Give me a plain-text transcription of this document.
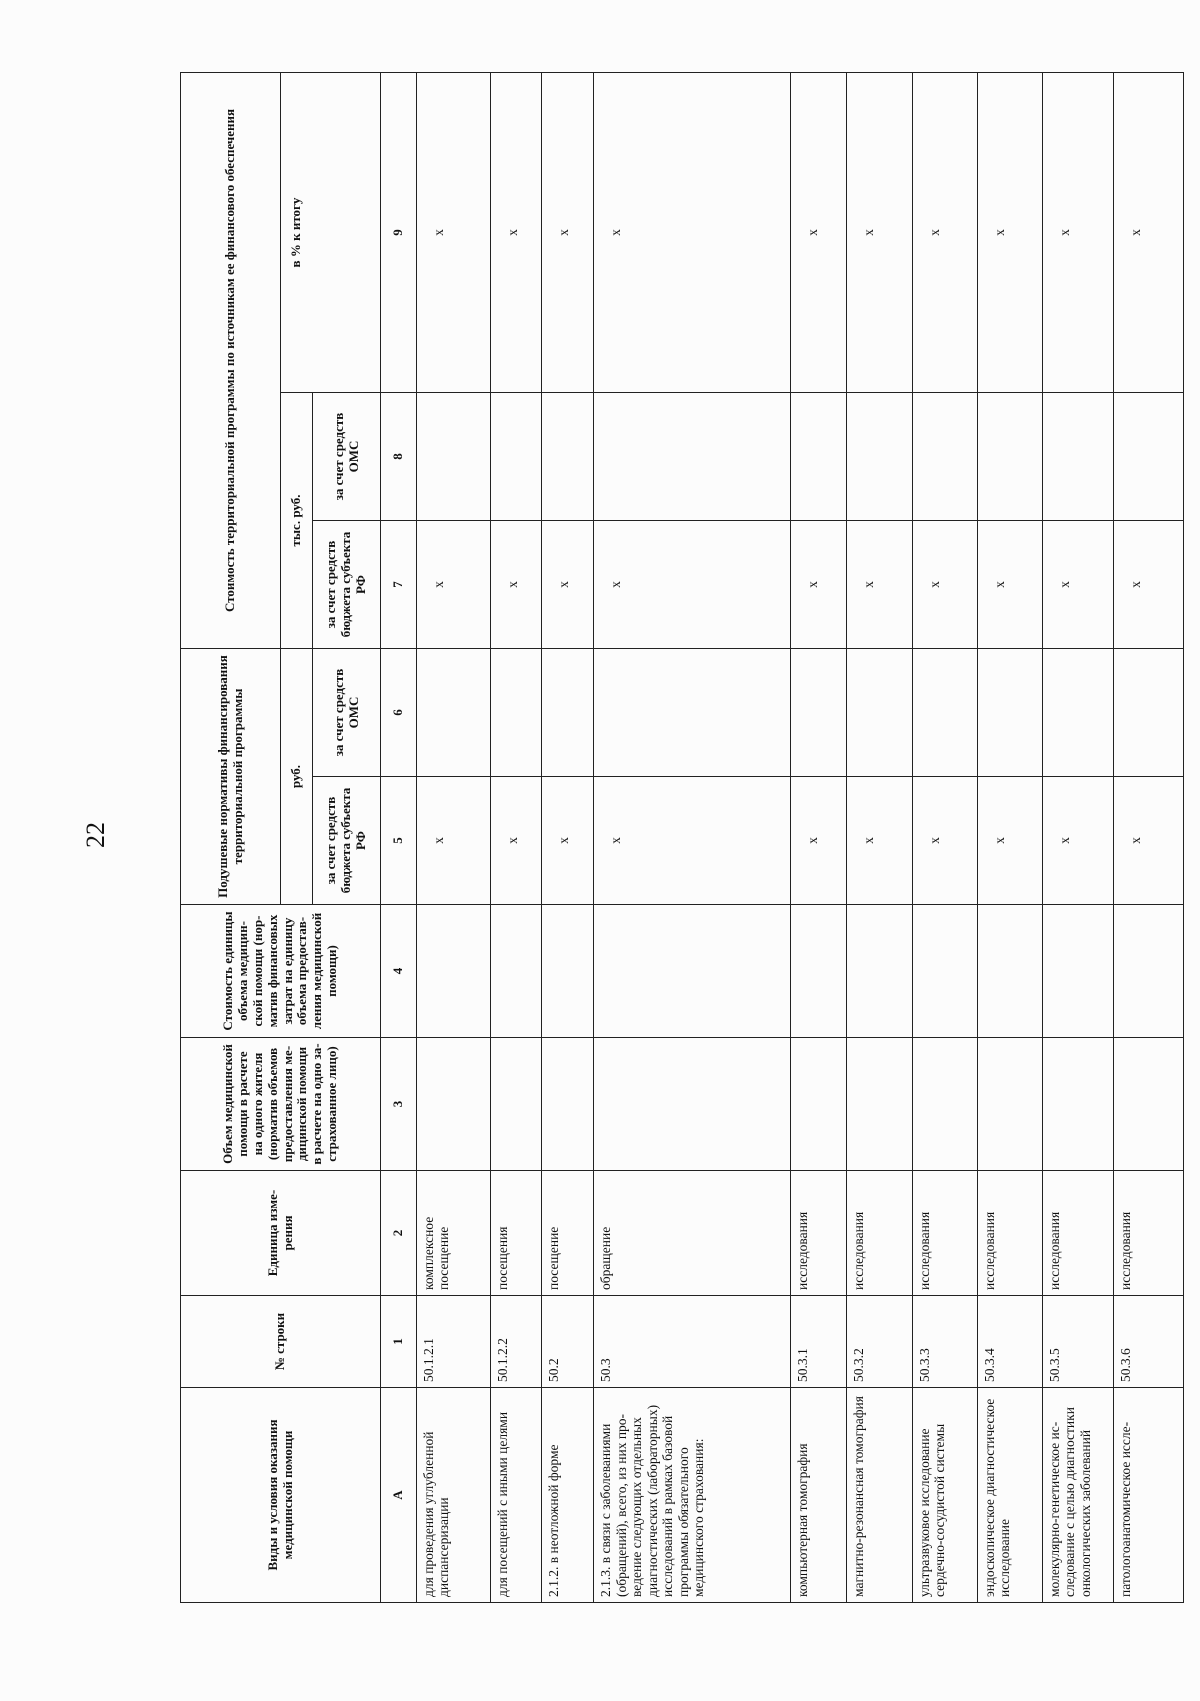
22
Виды и условия оказания медицинской помощи	№ строки	Единица измерения	Объем медицинской помощи в расчете на одного жителя (норматив объемов предоставления медицинской помощи в расчете на одно застрахованное лицо)	Стоимость единицы объема медицинской помощи (норматив финансовых затрат на единицу объема предоставления медицинской помощи)	Подушевые нормативы финансирования территориальной программы		Стоимость территориальной программы по источникам ее финансового обеспечения		
					руб.		тыс. руб.		в % к итогу
					за счет средств бюджета субъекта РФ	за счет средств ОМС	за счет средств бюджета субъекта РФ	за счет средств ОМС	
А	1	2	3	4	5	6	7	8	9
для проведения углубленной диспансеризации	50.1.2.1	комплексное посещение			х		х		х
для посещений с иными целями	50.1.2.2	посещения			х		х		х
2.1.2. в неотложной форме	50.2	посещение			х		х		х
2.1.3. в связи с заболеваниями (обращений), всего, из них проведение следующих отдельных диагностических (лабораторных) исследований в рамках базовой программы обязательного медицинского страхования:	50.3	обращение			х		х		х
компьютерная томография	50.3.1	исследования			х		х		х
магнитно-резонансная томография	50.3.2	исследования			х		х		х
ультразвуковое исследование сердечно-сосудистой системы	50.3.3	исследования			х		х		х
эндоскопическое диагностическое исследование	50.3.4	исследования			х		х		х
молекулярно-генетическое исследование с целью диагностики онкологических заболеваний	50.3.5	исследования			х		х		х
патологоанатомическое иссле-	50.3.6	исследования			х		х		х
